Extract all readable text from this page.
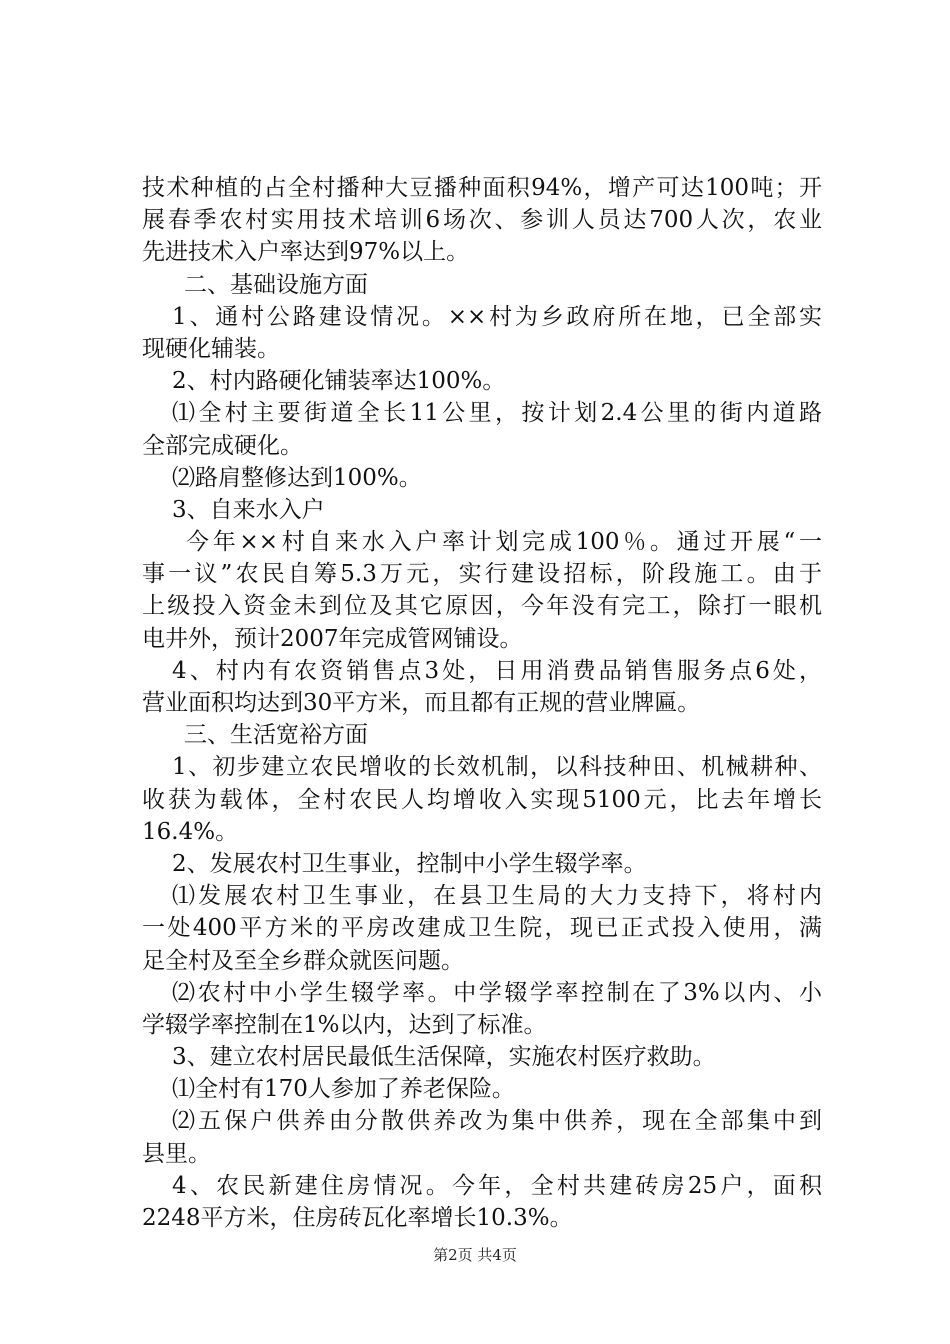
技术种植的占全村播种大豆播种面积94%，增产可达100吨；开
展春季农村实用技术培训6场次、参训人员达700人次，农业
先进技术入户率达到97%以上。
二、基础设施方面
1、通村公路建设情况。××村为乡政府所在地，已全部实
现硬化辅装。
2、村内路硬化铺装率达100%。
⑴全村主要街道全长11公里，按计划2.4公里的街内道路
全部完成硬化。
⑵路肩整修达到100%。
3、自来水入户
今年××村自来水入户率计划完成100％。通过开展“一
事一议”农民自筹5.3万元，实行建设招标，阶段施工。由于
上级投入资金未到位及其它原因，今年没有完工，除打一眼机
电井外，预计2007年完成管网铺设。
4、村内有农资销售点3处，日用消费品销售服务点6处，
营业面积均达到30平方米，而且都有正规的营业牌匾。
三、生活宽裕方面
1、初步建立农民增收的长效机制，以科技种田、机械耕种、
收获为载体，全村农民人均增收入实现5100元，比去年增长
16.4%。
2、发展农村卫生事业，控制中小学生辍学率。
⑴发展农村卫生事业，在县卫生局的大力支持下，将村内
一处400平方米的平房改建成卫生院，现已正式投入使用，满
足全村及至全乡群众就医问题。
⑵农村中小学生辍学率。中学辍学率控制在了3%以内、小
学辍学率控制在1%以内，达到了标准。
3、建立农村居民最低生活保障，实施农村医疗救助。
⑴全村有170人参加了养老保险。
⑵五保户供养由分散供养改为集中供养，现在全部集中到
县里。
4、农民新建住房情况。今年，全村共建砖房25户，面积
2248平方米，住房砖瓦化率增长10.3%。
第2页 共4页
